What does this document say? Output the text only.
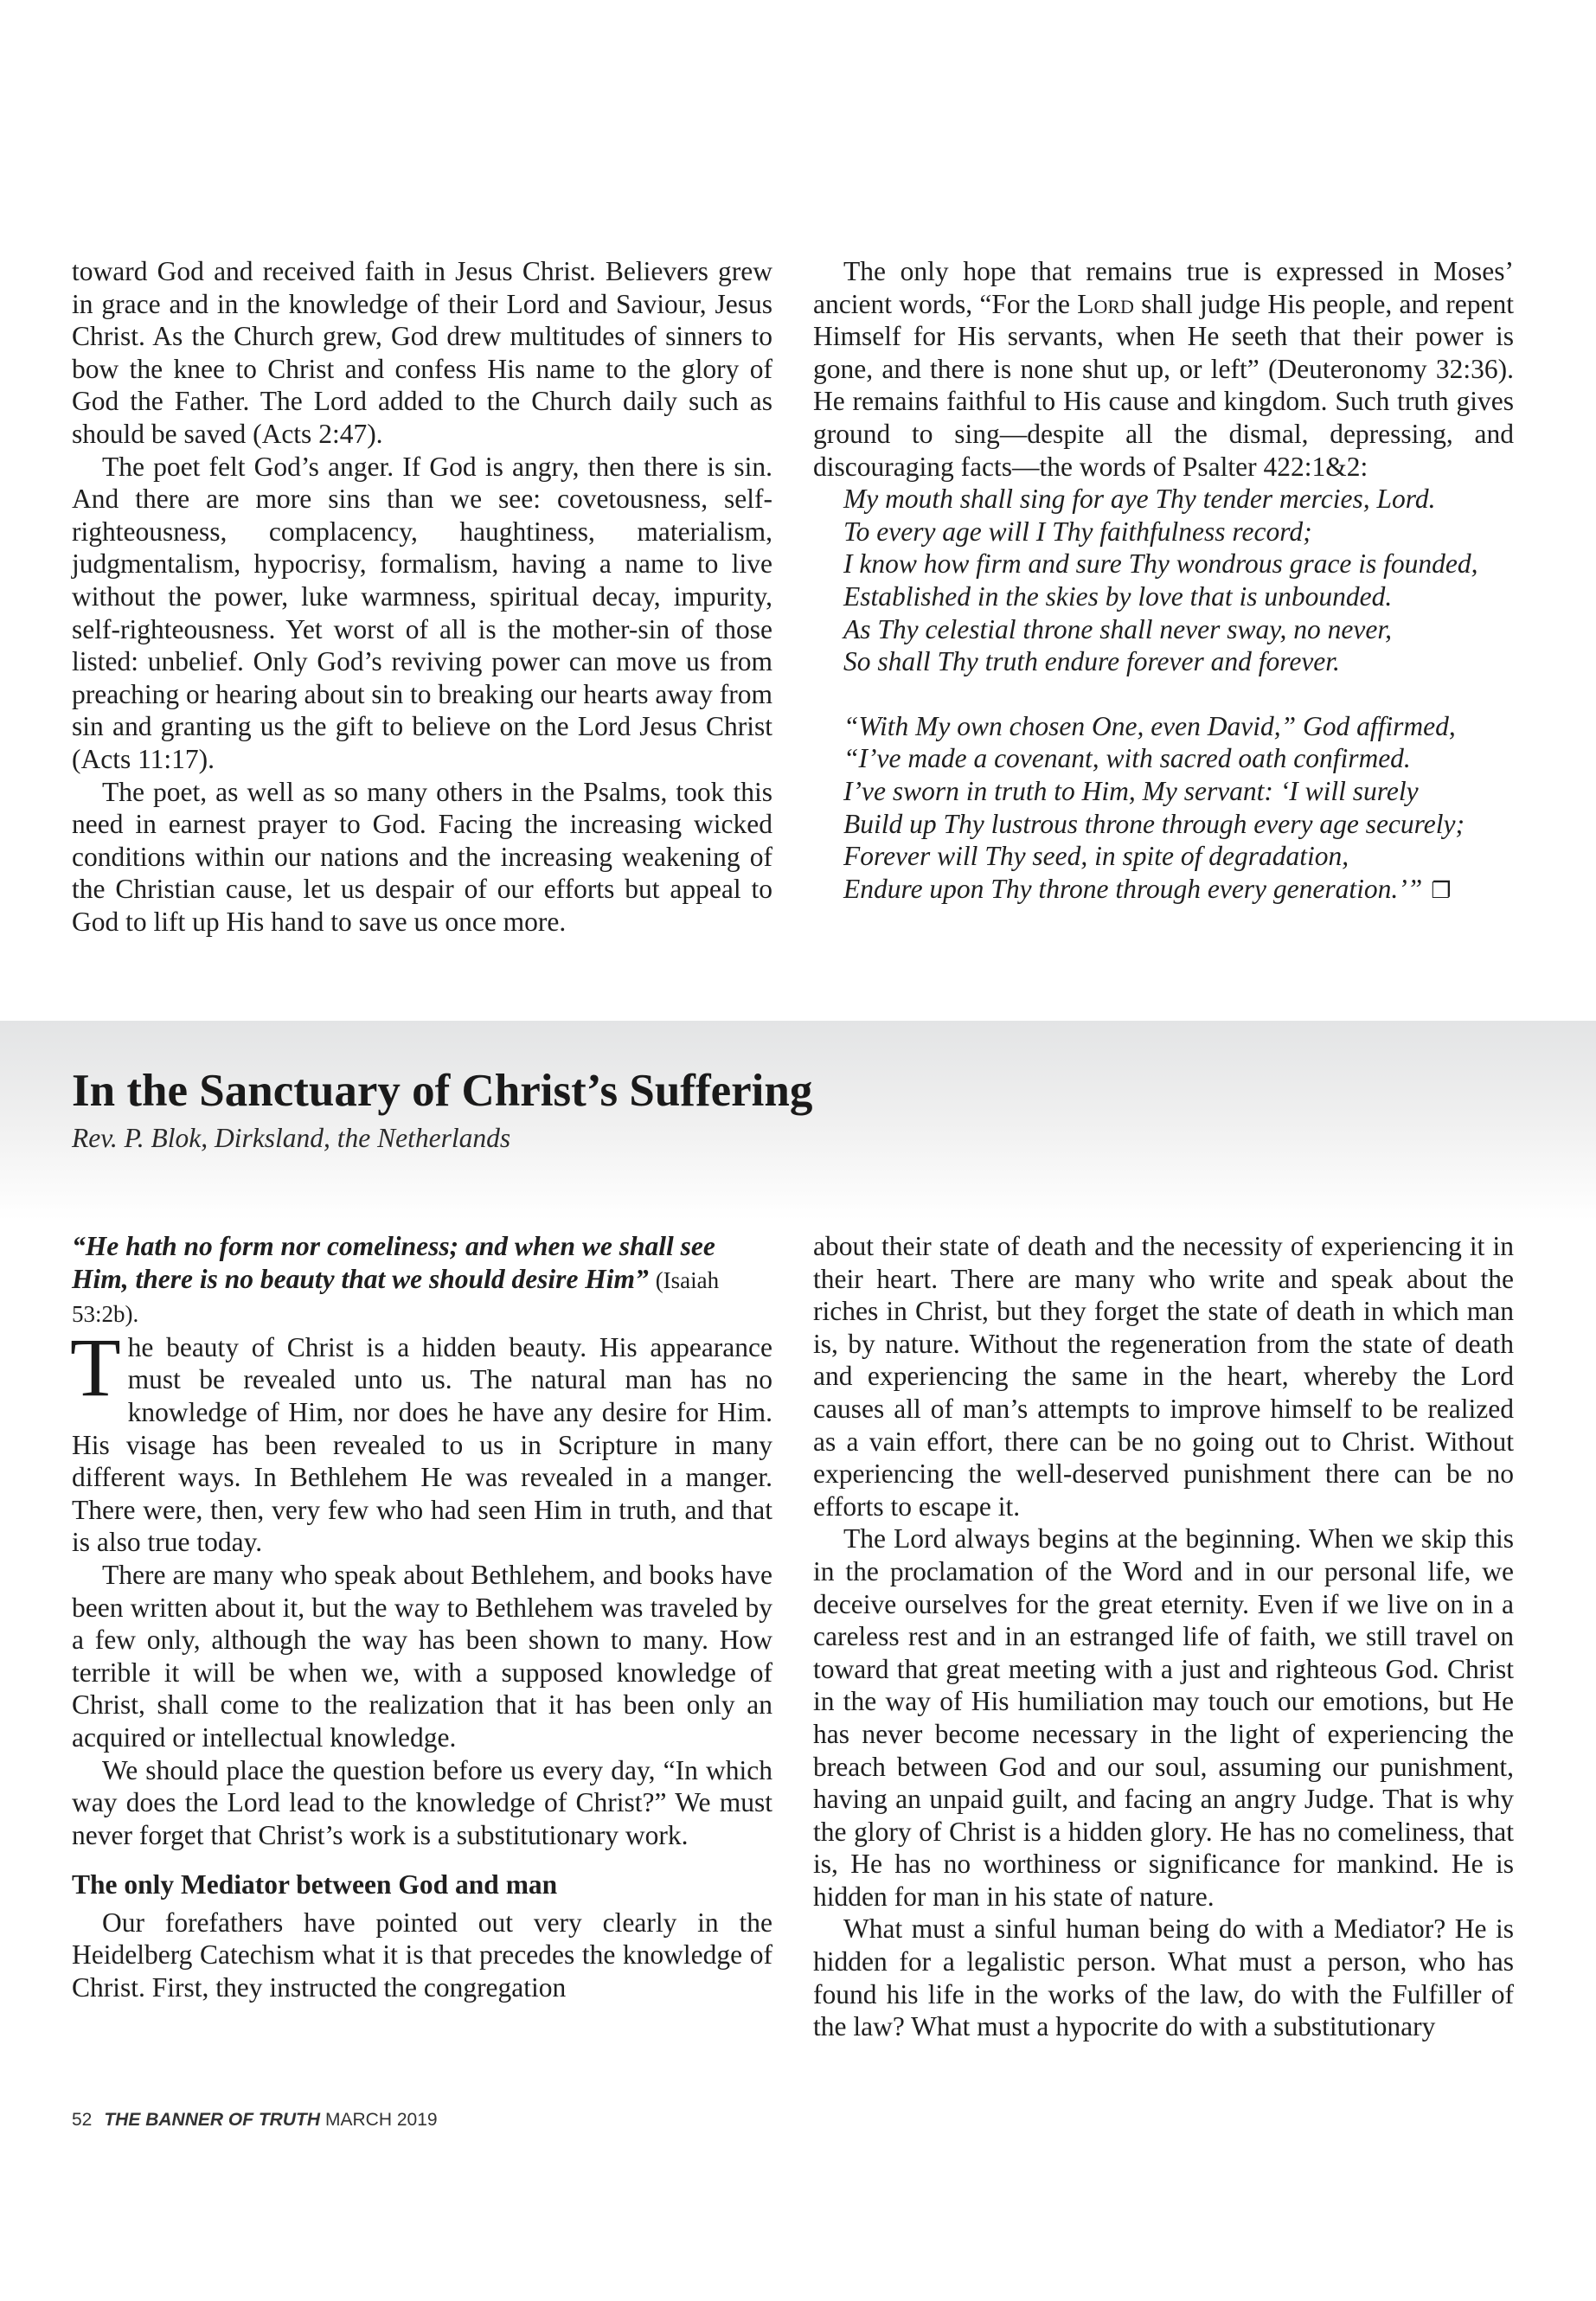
toward God and received faith in Jesus Christ. Believers grew in grace and in the knowledge of their Lord and Saviour, Jesus Christ. As the Church grew, God drew multitudes of sinners to bow the knee to Christ and confess His name to the glory of God the Father. The Lord added to the Church daily such as should be saved (Acts 2:47).

The poet felt God’s anger. If God is angry, then there is sin. And there are more sins than we see: covetousness, self-righteousness, complacency, haughtiness, materialism, judgmentalism, hypocrisy, formalism, having a name to live without the power, luke warmness, spiritual decay, impurity, self-righteousness. Yet worst of all is the mother-sin of those listed: unbelief. Only God’s reviving power can move us from preaching or hearing about sin to breaking our hearts away from sin and granting us the gift to believe on the Lord Jesus Christ (Acts 11:17).

The poet, as well as so many others in the Psalms, took this need in earnest prayer to God. Facing the increasing wicked conditions within our nations and the increasing weakening of the Christian cause, let us despair of our efforts but appeal to God to lift up His hand to save us once more.

The only hope that remains true is expressed in Moses’ ancient words, “For the Lord shall judge His people, and repent Himself for His servants, when He seeth that their power is gone, and there is none shut up, or left” (Deuteronomy 32:36). He remains faithful to His cause and kingdom. Such truth gives ground to sing—despite all the dismal, depressing, and discouraging facts—the words of Psalter 422:1&2:

My mouth shall sing for aye Thy tender mercies, Lord.
To every age will I Thy faithfulness record;
I know how firm and sure Thy wondrous grace is founded,
Established in the skies by love that is unbounded.
As Thy celestial throne shall never sway, no never,
So shall Thy truth endure forever and forever.
“With My own chosen One, even David,” God affirmed,
“I’ve made a covenant, with sacred oath confirmed.
I’ve sworn in truth to Him, My servant: ‘I will surely
Build up Thy lustrous throne through every age securely;
Forever will Thy seed, in spite of degradation,
Endure upon Thy throne through every generation.’” ❐
In the Sanctuary of Christ’s Suffering

Rev. P. Blok, Dirksland, the Netherlands

“He hath no form nor comeliness; and when we shall see Him, there is no beauty that we should desire Him” (Isaiah 53:2b).

The beauty of Christ is a hidden beauty. His appearance must be revealed unto us. The natural man has no knowledge of Him, nor does he have any desire for Him. His visage has been revealed to us in Scripture in many different ways. In Bethlehem He was revealed in a manger. There were, then, very few who had seen Him in truth, and that is also true today.

There are many who speak about Bethlehem, and books have been written about it, but the way to Bethlehem was traveled by a few only, although the way has been shown to many. How terrible it will be when we, with a supposed knowledge of Christ, shall come to the realization that it has been only an acquired or intellectual knowledge.

We should place the question before us every day, “In which way does the Lord lead to the knowledge of Christ?” We must never forget that Christ’s work is a substitutionary work.

The only Mediator between God and man

Our forefathers have pointed out very clearly in the Heidelberg Catechism what it is that precedes the knowledge of Christ. First, they instructed the congregation

about their state of death and the necessity of experiencing it in their heart. There are many who write and speak about the riches in Christ, but they forget the state of death in which man is, by nature. Without the regeneration from the state of death and experiencing the same in the heart, whereby the Lord causes all of man’s attempts to improve himself to be realized as a vain effort, there can be no going out to Christ. Without experiencing the well-deserved punishment there can be no efforts to escape it.

The Lord always begins at the beginning. When we skip this in the proclamation of the Word and in our personal life, we deceive ourselves for the great eternity. Even if we live on in a careless rest and in an estranged life of faith, we still travel on toward that great meeting with a just and righteous God. Christ in the way of His humiliation may touch our emotions, but He has never become necessary in the light of experiencing the breach between God and our soul, assuming our punishment, having an unpaid guilt, and facing an angry Judge. That is why the glory of Christ is a hidden glory. He has no comeliness, that is, He has no worthiness or significance for mankind. He is hidden for man in his state of nature.

What must a sinful human being do with a Mediator? He is hidden for a legalistic person. What must a person, who has found his life in the works of the law, do with the Fulfiller of the law? What must a hypocrite do with a substitutionary

52 THE BANNER OF TRUTH MARCH 2019
